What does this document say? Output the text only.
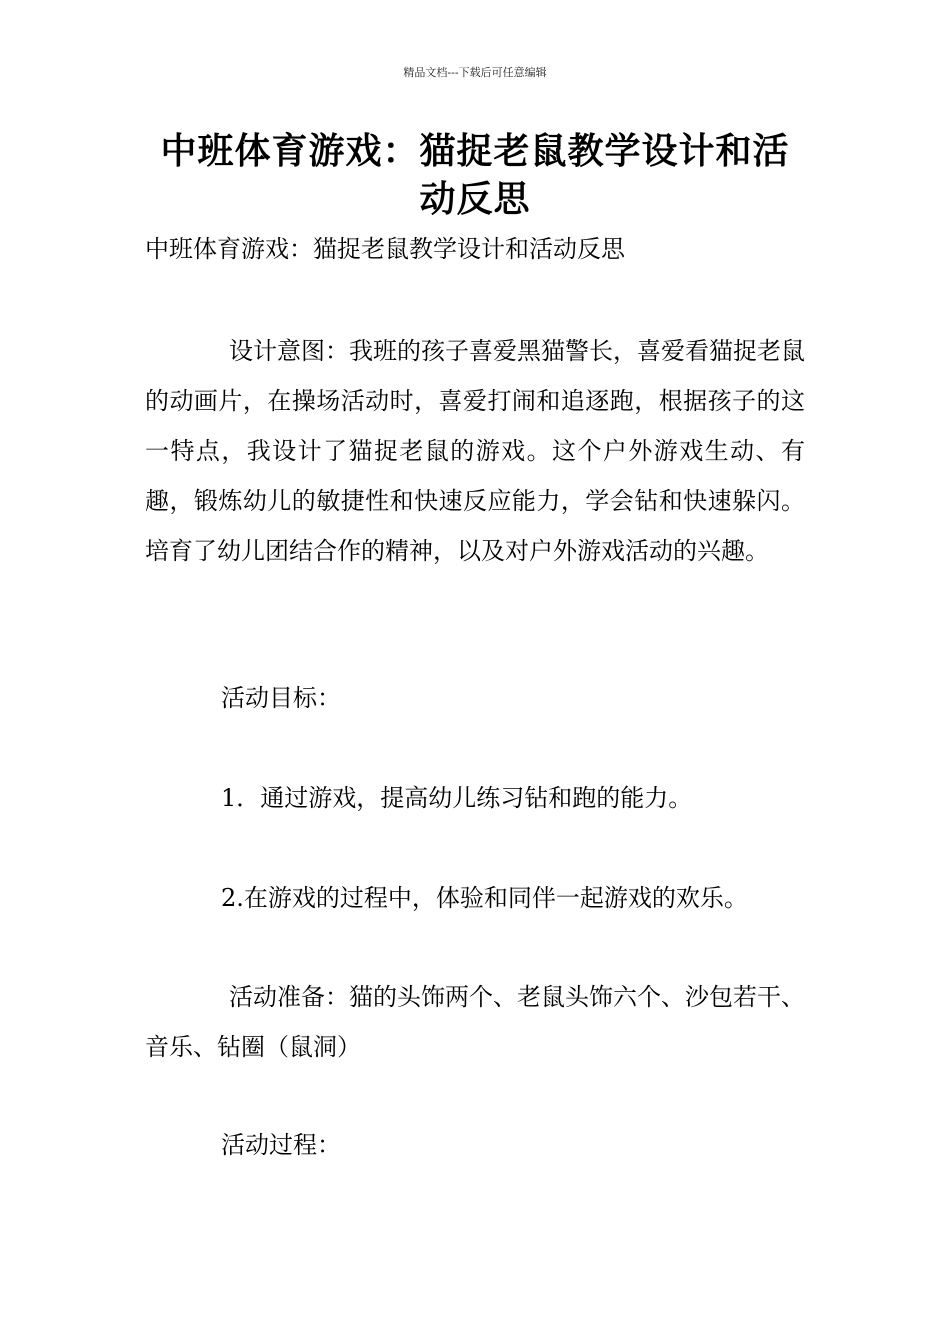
精品文档---下载后可任意编辑
中班体育游戏：猫捉老鼠教学设计和活动反思
中班体育游戏：猫捉老鼠教学设计和活动反思

设计意图：我班的孩子喜爱黑猫警长，喜爱看猫捉老鼠的动画片，在操场活动时，喜爱打闹和追逐跑，根据孩子的这一特点，我设计了猫捉老鼠的游戏。这个户外游戏生动、有趣，锻炼幼儿的敏捷性和快速反应能力，学会钻和快速躲闪。培育了幼儿团结合作的精神，以及对户外游戏活动的兴趣。

活动目标：

1．通过游戏，提高幼儿练习钻和跑的能力。

2.在游戏的过程中，体验和同伴一起游戏的欢乐。

活动准备：猫的头饰两个、老鼠头饰六个、沙包若干、音乐、钻圈（鼠洞）

活动过程：
